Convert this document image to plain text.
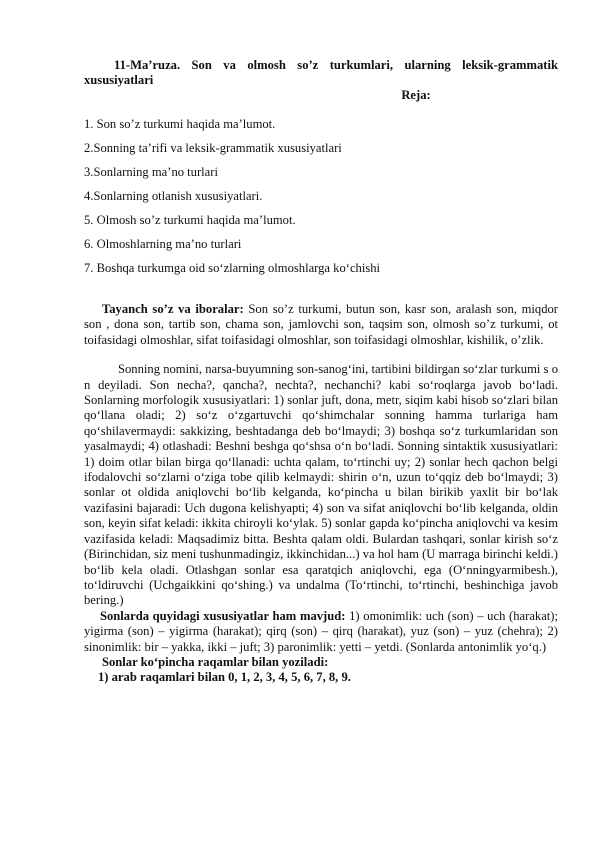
11-Ma’ruza. Son va olmosh so’z turkumlari, ularning leksik-grammatik xususiyatlari

Reja:

1. Son so’z turkumi haqida ma’lumot.
2.Sonning ta’rifi va leksik-grammatik xususiyatlari
3.Sonlarning ma’no turlari
4.Sonlarning otlanish xususiyatlari.
5. Olmosh so’z turkumi haqida ma’lumot.
6. Olmoshlarning ma’no turlari
7. Boshqa turkumga oid so‘zlarning olmoshlarga ko‘chishi

Tayanch so’z va iboralar: Son so’z turkumi, butun son, kasr son, aralash son, miqdor son , dona son, tartib son, chama son, jamlovchi son, taqsim son, olmosh so’z turkumi, ot toifasidagi olmoshlar, sifat toifasidagi olmoshlar, son toifasidagi olmoshlar, kishilik, o’zlik.

Sonning nomini, narsa-buyumning son-sanog‘ini, tartibini bildirgan so‘zlar turkumi s o n deyiladi. Son necha?, qancha?, nechta?, nechanchi? kabi so‘roqlarga javob bo‘ladi. Sonlarning morfologik xususiyatlari: 1) sonlar juft, dona, metr, siqim kabi hisob so‘zlari bilan qo‘llana oladi; 2) so‘z o‘zgartuvchi qo‘shimchalar sonning hamma turlariga ham qo‘shilavermaydi: sakkizing, beshtadanga deb bo‘lmaydi; 3) boshqa so‘z turkumlaridan son yasalmaydi; 4) otlashadi: Beshni beshga qo‘shsa o‘n bo‘ladi. Sonning sintaktik xususiyatlari: 1) doim otlar bilan birga qo‘llanadi: uchta qalam, to‘rtinchi uy; 2) sonlar hech qachon belgi ifodalovchi so‘zlarni o‘ziga tobe qilib kelmaydi: shirin o‘n, uzun to‘qqiz deb bo‘lmaydi; 3) sonlar ot oldida aniqlovchi bo‘lib kelganda, ko‘pincha u bilan birikib yaxlit bir bo‘lak vazifasini bajaradi: Uch dugona kelishyapti; 4) son va sifat aniqlovchi bo‘lib kelganda, oldin son, keyin sifat keladi: ikkita chiroyli ko‘ylak. 5) sonlar gapda ko‘pincha aniqlovchi va kesim vazifasida keladi: Maqsadimiz bitta. Beshta qalam oldi. Bulardan tashqari, sonlar kirish so‘z (Birinchidan, siz meni tushunmadingiz, ikkinchidan...) va hol ham (U marraga birinchi keldi.) bo‘lib kela oladi. Otlashgan sonlar esa qaratqich aniqlovchi, ega (O‘nningyarmibesh.), to‘ldiruvchi (Uchgaikkini qo‘shing.) va undalma (To‘rtinchi, to‘rtinchi, beshinchiga javob bering.)

Sonlarda quyidagi xususiyatlar ham mavjud: 1) omonimlik: uch (son) – uch (harakat); yigirma (son) – yigirma (harakat); qirq (son) – qirq (harakat), yuz (son) – yuz (chehra); 2) sinonimlik: bir – yakka, ikki – juft; 3) paronimlik: yetti – yetdi. (Sonlarda antonimlik yo‘q.)

Sonlar ko‘pincha raqamlar bilan yoziladi:

1) arab raqamlari bilan 0, 1, 2, 3, 4, 5, 6, 7, 8, 9.
